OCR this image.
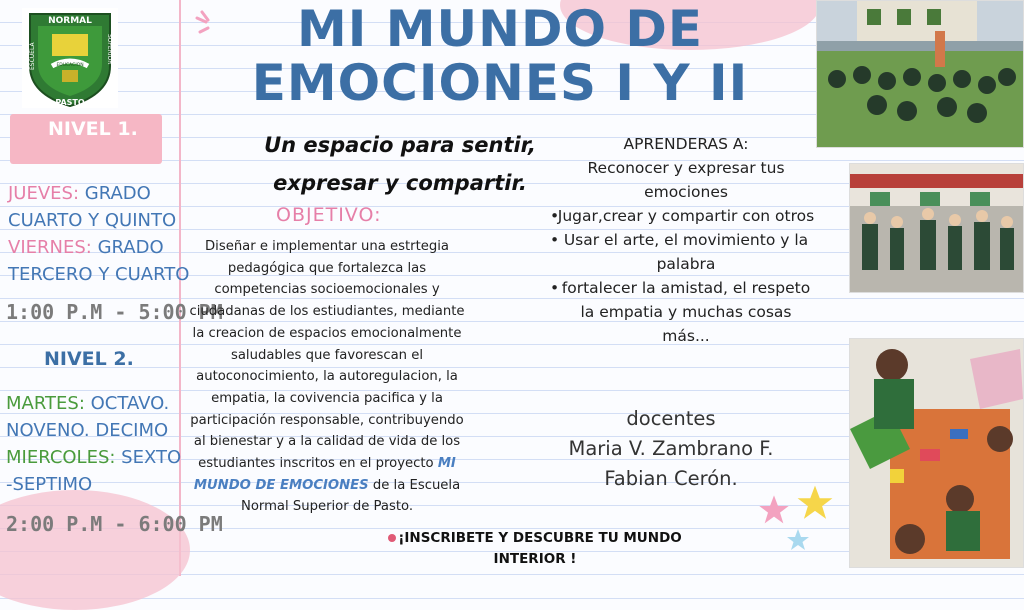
NORMAL
PASTO
ESCUELA	SUPERIOR
EDUCACION
MI MUNDO DE
EMOCIONES I Y II
NIVEL 1.
JUEVES: GRADO
CUARTO Y QUINTO
VIERNES: GRADO
TERCERO Y CUARTO
1:00 P.M - 5:00 PM
NIVEL 2.
MARTES: OCTAVO.
NOVENO. DECIMO
MIERCOLES: SEXTO
-SEPTIMO
2:00 P.M - 6:00 PM
Un espacio para sentir,
expresar y compartir.
OBJETIVO:
Diseñar e implementar una estrtegia pedagógica que fortalezca las competencias socioemocionales y ciudadanas de los estiudiantes, mediante la creacion de espacios emocionalmente saludables que favorescan el autoconocimiento, la autoregulacion, la empatia, la covivencia pacifica y la participación responsable, contribuyendo al bienestar y a la calidad de vida de los estudiantes inscritos en el proyecto MI MUNDO DE EMOCIONES de la Escuela Normal Superior de Pasto.
¡INSCRIBETE Y DESCUBRE TU MUNDO
INTERIOR !
APRENDERAS A:
Reconocer y expresar tus emociones
• Jugar,crear y compartir con otros
• Usar el arte, el movimiento y la palabra
• fortalecer la amistad, el respeto la empatia y muchas cosas más...
docentes
Maria V. Zambrano F.
Fabian Cerón.
